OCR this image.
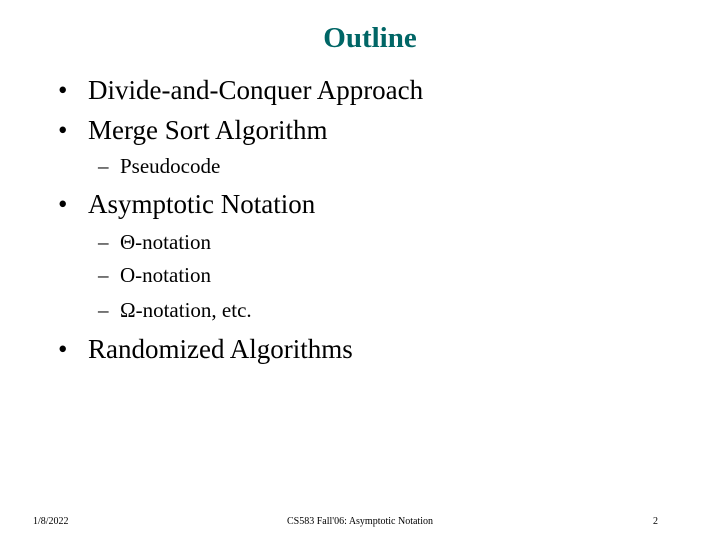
Outline
• Divide-and-Conquer Approach
• Merge Sort Algorithm
– Pseudocode
• Asymptotic Notation
– Θ-notation
– O-notation
– Ω-notation, etc.
• Randomized Algorithms
1/8/2022	CS583 Fall'06: Asymptotic Notation	2
